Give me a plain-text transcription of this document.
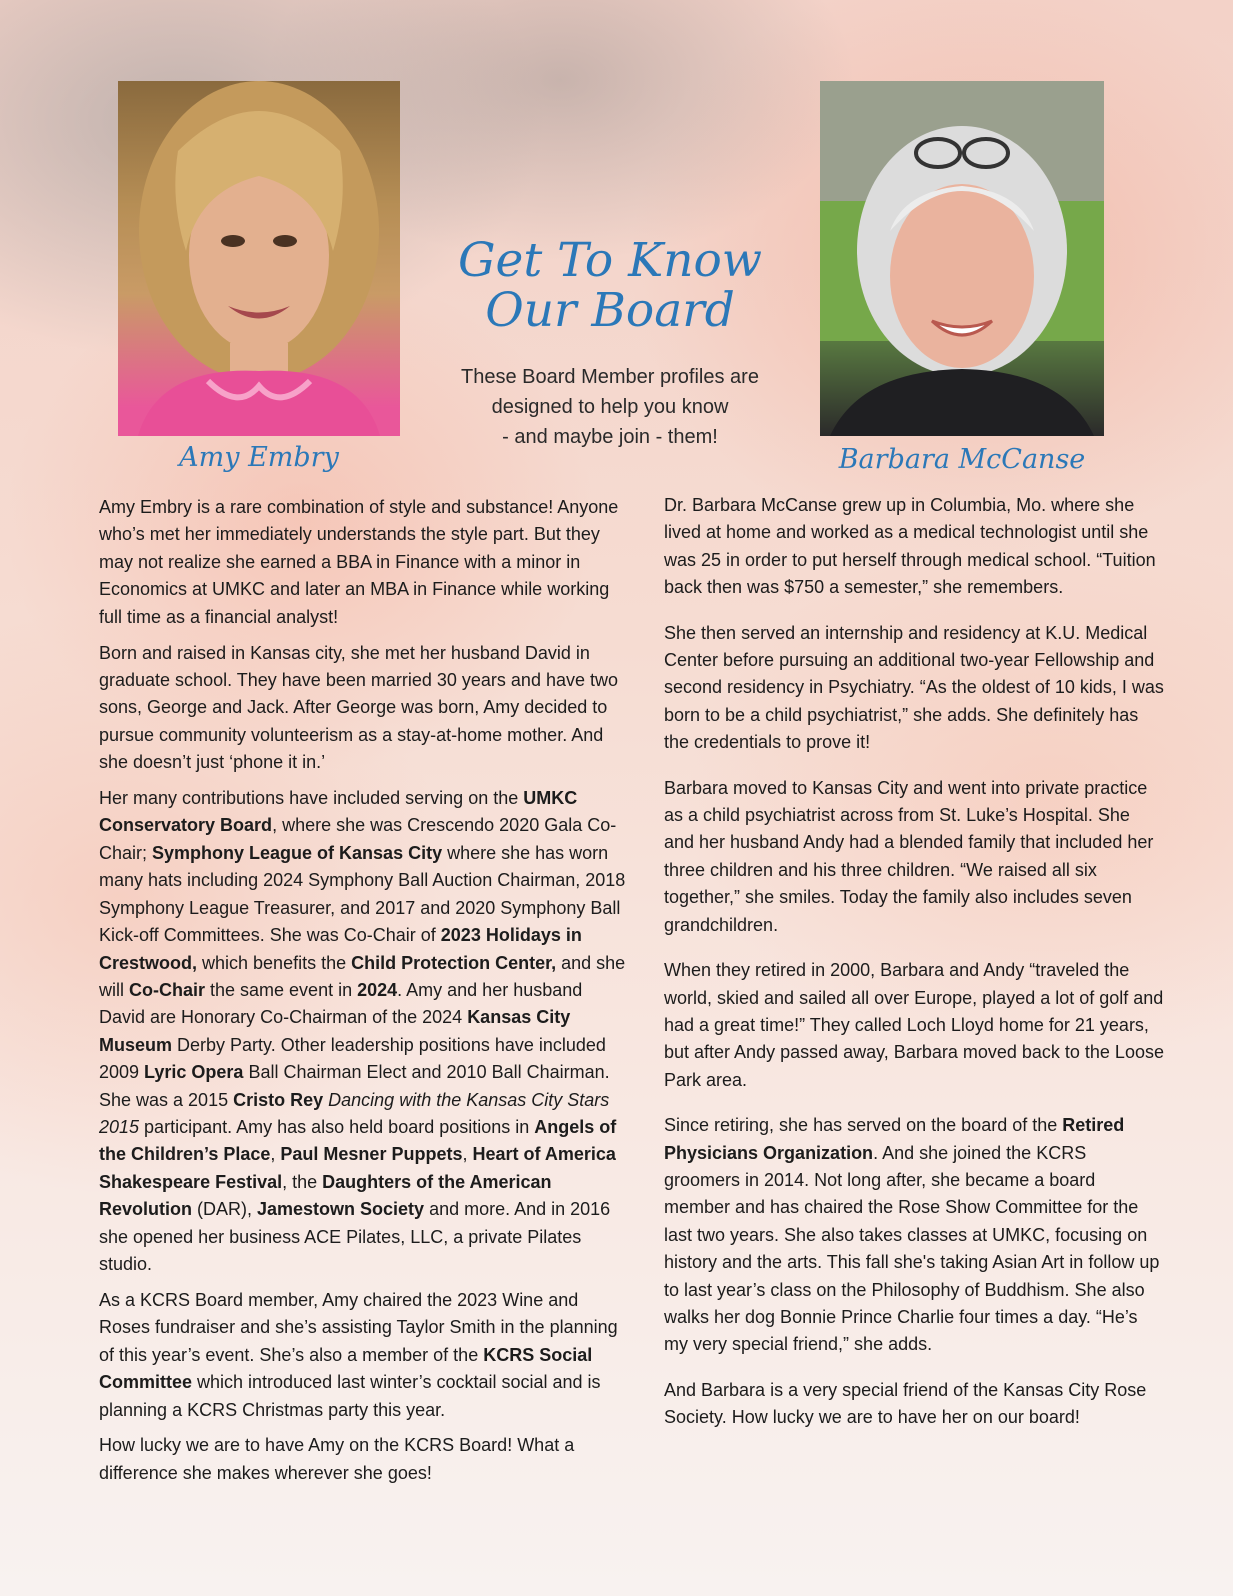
Get To Know
Our Board
These Board Member profiles are
designed to help you know
- and maybe join - them!
Amy Embry	Barbara McCanse

Amy Embry is a rare combination of style and substance! Anyone who’s met her immediately understands the style part. But they may not realize she earned a BBA in Finance with a minor in Economics at UMKC and later an MBA in Finance while working full time as a financial analyst!

Born and raised in Kansas city, she met her husband David in graduate school. They have been married 30 years and have two sons, George and Jack. After George was born, Amy decided to pursue community volunteerism as a stay-at-home mother. And she doesn’t just ‘phone it in.’

Her many contributions have included serving on the UMKC Conservatory Board, where she was Crescendo 2020 Gala Co-Chair; Symphony League of Kansas City where she has worn many hats including 2024 Symphony Ball Auction Chairman, 2018 Symphony League Treasurer, and 2017 and 2020 Symphony Ball Kick-off Committees. She was Co-Chair of 2023 Holidays in Crestwood, which benefits the Child Protection Center, and she will Co-Chair the same event in 2024. Amy and her husband David are Honorary Co-Chairman of the 2024 Kansas City Museum Derby Party. Other leadership positions have included 2009 Lyric Opera Ball Chairman Elect and 2010 Ball Chairman. She was a 2015 Cristo Rey Dancing with the Kansas City Stars 2015 participant. Amy has also held board positions in Angels of the Children’s Place, Paul Mesner Puppets, Heart of America Shakespeare Festival, the Daughters of the American Revolution (DAR), Jamestown Society and more. And in 2016 she opened her business ACE Pilates, LLC, a private Pilates studio.

As a KCRS Board member, Amy chaired the 2023 Wine and Roses fundraiser and she’s assisting Taylor Smith in the planning of this year’s event. She’s also a member of the KCRS Social Committee which introduced last winter’s cocktail social and is planning a KCRS Christmas party this year.

How lucky we are to have Amy on the KCRS Board! What a difference she makes wherever she goes!

Dr. Barbara McCanse grew up in Columbia, Mo. where she lived at home and worked as a medical technologist until she was 25 in order to put herself through medical school. “Tuition back then was $750 a semester,” she remembers.

She then served an internship and residency at K.U. Medical Center before pursuing an additional two-year Fellowship and second residency in Psychiatry. “As the oldest of 10 kids, I was born to be a child psychiatrist,” she adds. She definitely has the credentials to prove it!

Barbara moved to Kansas City and went into private practice as a child psychiatrist across from St. Luke’s Hospital. She and her husband Andy had a blended family that included her three children and his three children. “We raised all six together,” she smiles. Today the family also includes seven grandchildren.

When they retired in 2000, Barbara and Andy “traveled the world, skied and sailed all over Europe, played a lot of golf and had a great time!” They called Loch Lloyd home for 21 years, but after Andy passed away, Barbara moved back to the Loose Park area.

Since retiring, she has served on the board of the Retired Physicians Organization. And she joined the KCRS groomers in 2014. Not long after, she became a board member and has chaired the Rose Show Committee for the last two years. She also takes classes at UMKC, focusing on history and the arts. This fall she's taking Asian Art in follow up to last year’s class on the Philosophy of Buddhism. She also walks her dog Bonnie Prince Charlie four times a day. “He’s my very special friend,” she adds.

And Barbara is a very special friend of the Kansas City Rose Society. How lucky we are to have her on our board!
